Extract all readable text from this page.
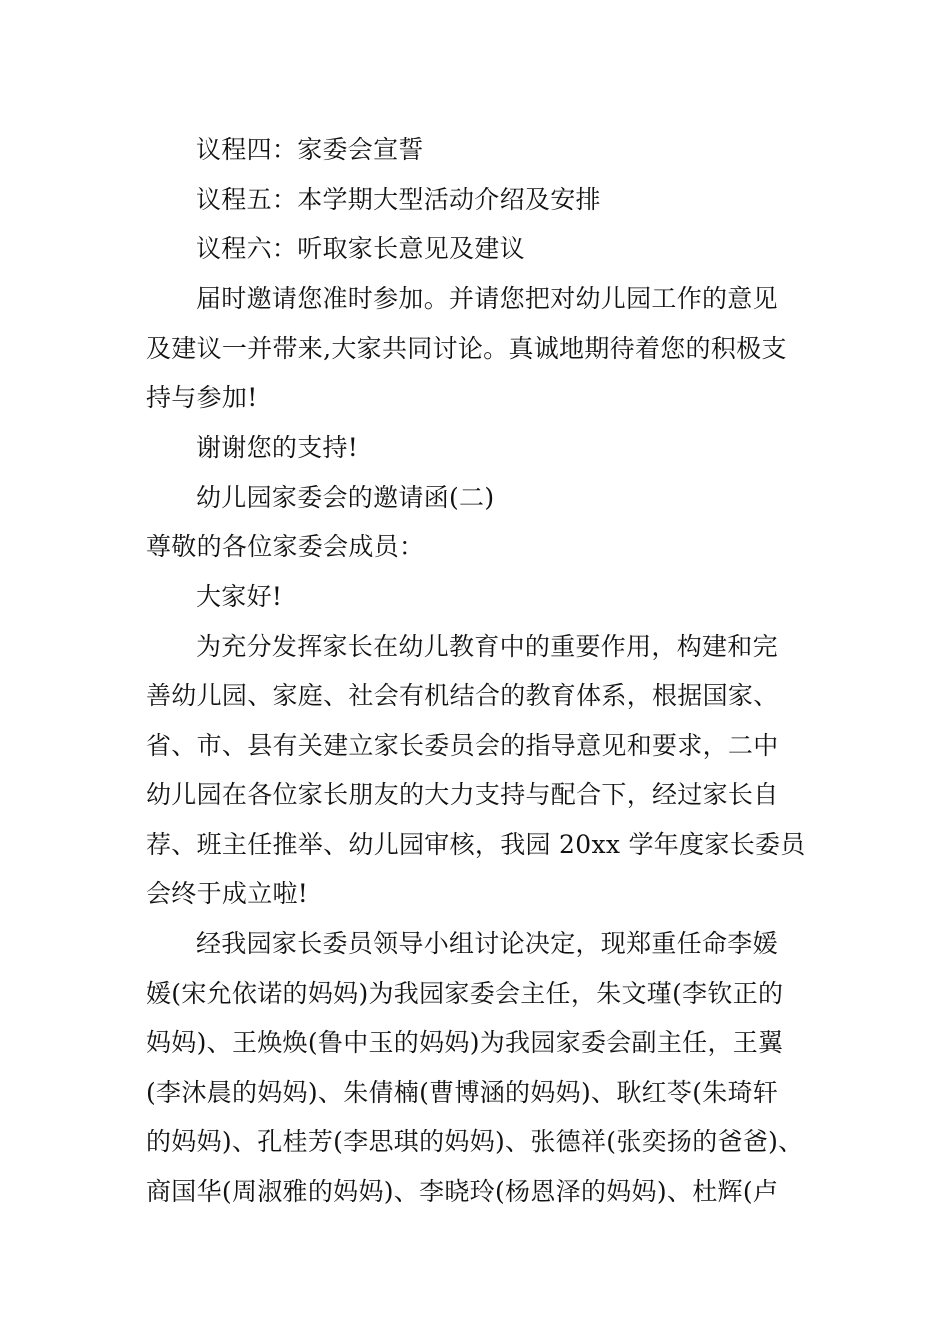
议程四：家委会宣誓
议程五：本学期大型活动介绍及安排
议程六：听取家长意见及建议
届时邀请您准时参加。并请您把对幼儿园工作的意见
及建议一并带来,大家共同讨论。真诚地期待着您的积极支
持与参加!
谢谢您的支持!
幼儿园家委会的邀请函(二)
尊敬的各位家委会成员：
大家好!
为充分发挥家长在幼儿教育中的重要作用，构建和完
善幼儿园、家庭、社会有机结合的教育体系，根据国家、
省、市、县有关建立家长委员会的指导意见和要求，二中
幼儿园在各位家长朋友的大力支持与配合下，经过家长自
荐、班主任推举、幼儿园审核，我园 20xx 学年度家长委员
会终于成立啦!
经我园家长委员领导小组讨论决定，现郑重任命李媛
媛(宋允依诺的妈妈)为我园家委会主任，朱文瑾(李钦正的
妈妈)、王焕焕(鲁中玉的妈妈)为我园家委会副主任，王翼
(李沐晨的妈妈)、朱倩楠(曹博涵的妈妈)、耿红苓(朱琦轩
的妈妈)、孔桂芳(李思琪的妈妈)、张德祥(张奕扬的爸爸)、
商国华(周淑雅的妈妈)、李晓玲(杨恩泽的妈妈)、杜辉(卢
